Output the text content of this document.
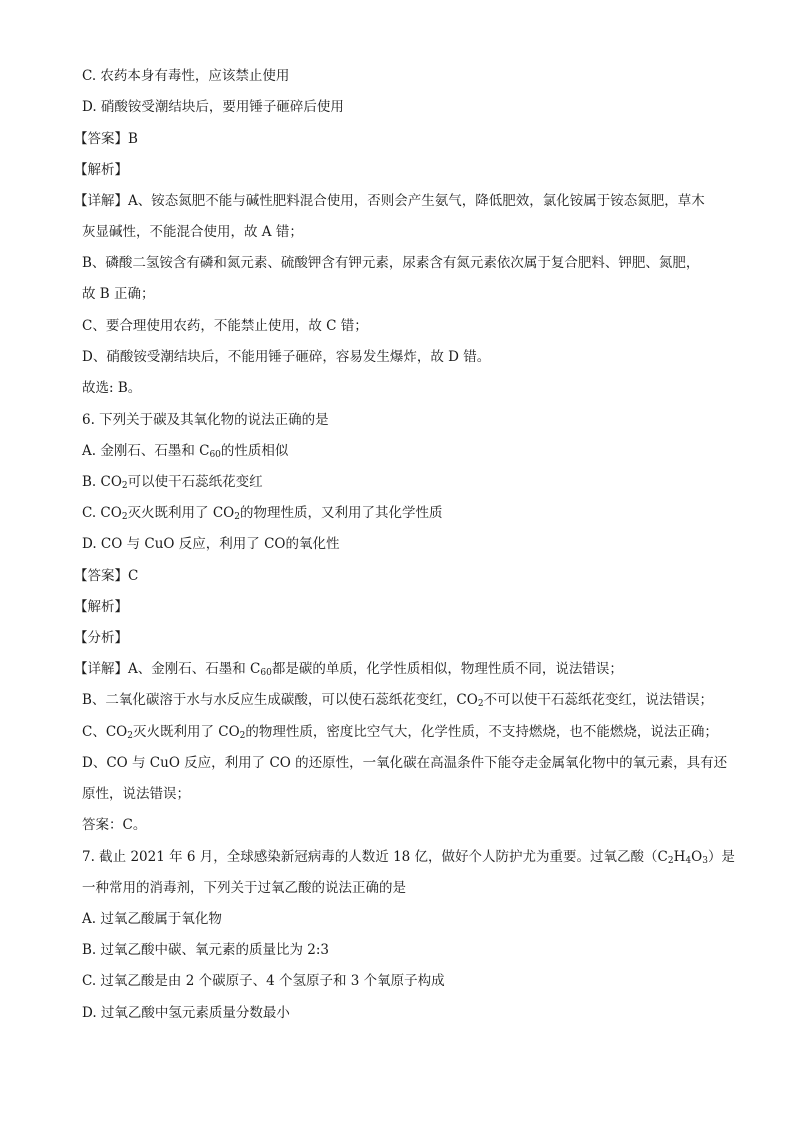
C. 农药本身有毒性，应该禁止使用
D. 硝酸铵受潮结块后，要用锤子砸碎后使用
【答案】B
【解析】
【详解】A、铵态氮肥不能与碱性肥料混合使用，否则会产生氨气，降低肥效，氯化铵属于铵态氮肥，草木
灰显碱性，不能混合使用，故 A 错；
B、磷酸二氢铵含有磷和氮元素、硫酸钾含有钾元素，尿素含有氮元素依次属于复合肥料、钾肥、氮肥，
故 B 正确；
C、要合理使用农药，不能禁止使用，故 C 错；
D、硝酸铵受潮结块后，不能用锤子砸碎，容易发生爆炸，故 D 错。
故选: B。
6. 下列关于碳及其氧化物的说法正确的是
A. 金刚石、石墨和 $C_{60}$的性质相似
B. $CO_2$可以使干石蕊纸花变红
C. $CO_2$灭火既利用了 $CO_2$的物理性质，又利用了其化学性质
D. CO 与 CuO 反应，利用了 CO的氧化性
【答案】C
【解析】
【分析】
【详解】A、金刚石、石墨和 $C_{60}$都是碳的单质，化学性质相似，物理性质不同，说法错误；
B、二氧化碳溶于水与水反应生成碳酸，可以使石蕊纸花变红，$CO_2$不可以使干石蕊纸花变红，说法错误；
C、$CO_2$灭火既利用了 $CO_2$的物理性质，密度比空气大，化学性质，不支持燃烧，也不能燃烧，说法正确；
D、CO 与 CuO 反应，利用了 CO 的还原性，一氧化碳在高温条件下能夺走金属氧化物中的氧元素，具有还
原性，说法错误；
答案：C。
7. 截止 2021 年 6 月，全球感染新冠病毒的人数近 18 亿，做好个人防护尤为重要。过氧乙酸$(C_2H_4O_3)$是
一种常用的消毒剂，下列关于过氧乙酸的说法正确的是
A. 过氧乙酸属于氧化物
B. 过氧乙酸中碳、氧元素的质量比为 2:3
C. 过氧乙酸是由 2 个碳原子、4 个氢原子和 3 个氧原子构成
D. 过氧乙酸中氢元素质量分数最小
